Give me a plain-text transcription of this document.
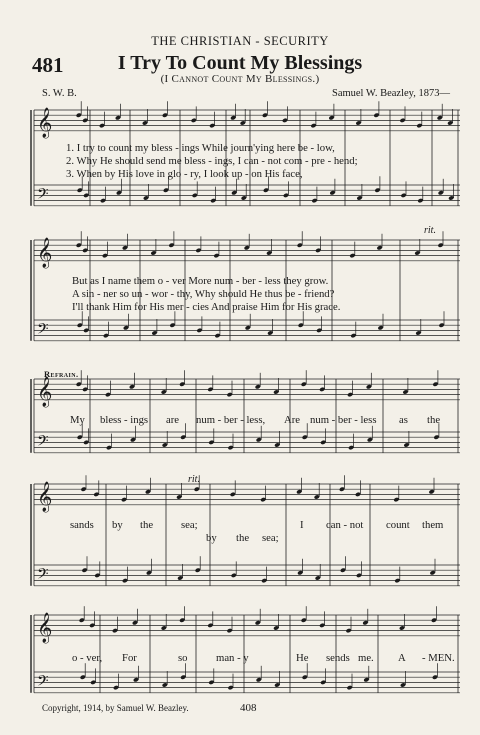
THE CHRISTIAN - SECURITY
481	I Try To Count My Blessings
(I Cannot Count My Blessings.)
S. W. B.	Samuel W. Beazley, 1873—
𝄞
𝄢
𝄞
𝄢
𝄞
𝄢
𝄞
𝄢
𝄞
𝄢
1. I try to count my bless - ings While journ'ying here be - low,
2. Why He should send me bless - ings, I can - not com - pre - hend;
3. When by His love in glo - ry, I look up - on His face,
rit.
But as I name them o - ver More num - ber - less they grow.
A sin - ner so un - wor - thy, Why should He thus be - friend?
I'll thank Him for His mer - cies And praise Him for His grace.
Refrain.
My bless - ings are num - ber - less, Are num - ber - less as the
rit.
sands by the	sea;	I can - not count them
by the sea;
o - ver, For	so	man - y	He sends me. A - MEN.
Copyright, 1914, by Samuel W. Beazley.	408
